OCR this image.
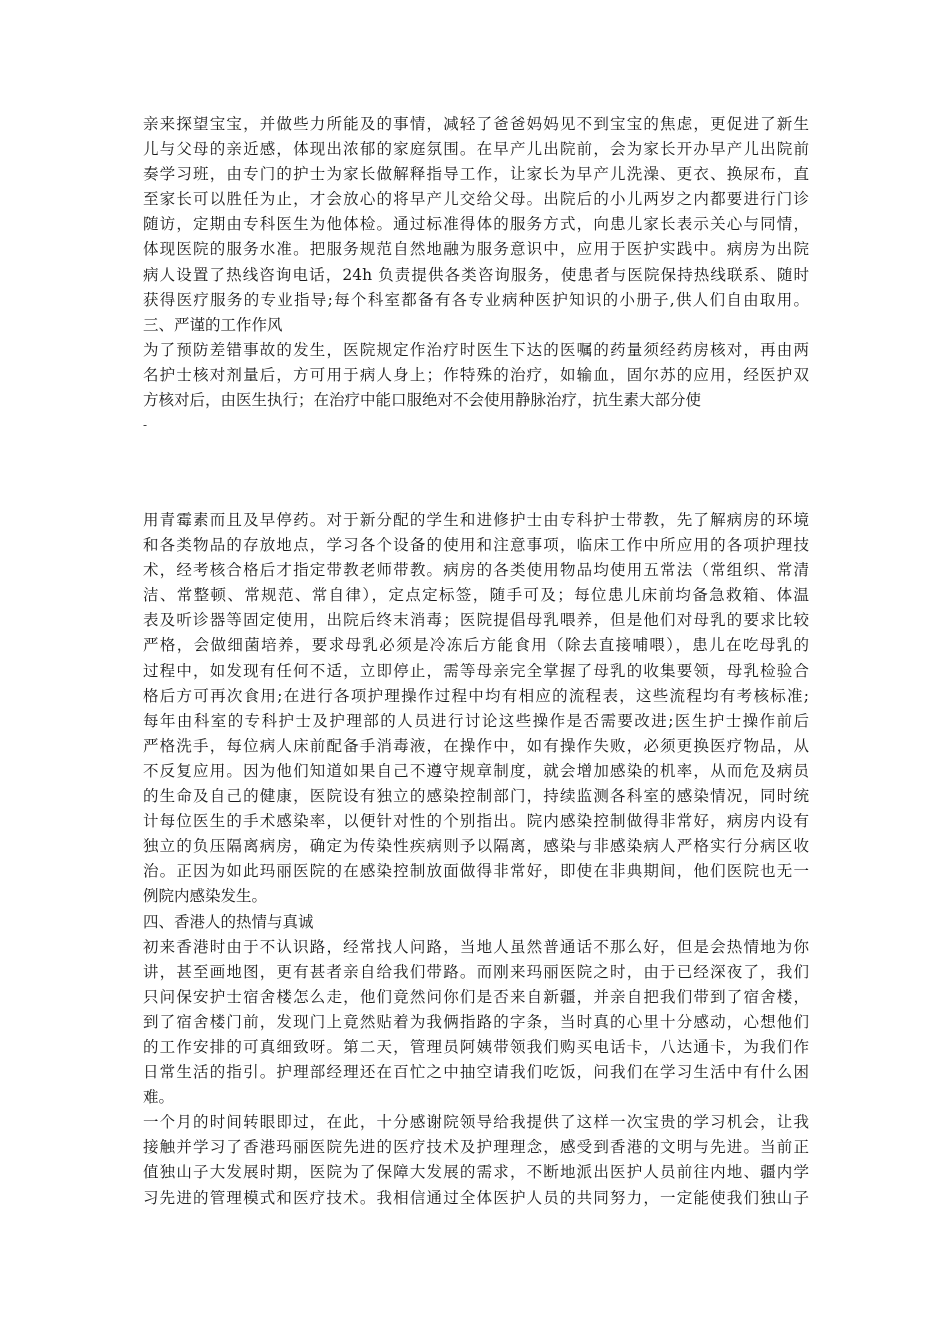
亲来探望宝宝，并做些力所能及的事情，减轻了爸爸妈妈见不到宝宝的焦虑，更促进了新生
儿与父母的亲近感，体现出浓郁的家庭氛围。在早产儿出院前，会为家长开办早产儿出院前
奏学习班，由专门的护士为家长做解释指导工作，让家长为早产儿洗澡、更衣、换尿布，直
至家长可以胜任为止，才会放心的将早产儿交给父母。出院后的小儿两岁之内都要进行门诊
随访，定期由专科医生为他体检。通过标准得体的服务方式，向患儿家长表示关心与同情，
体现医院的服务水准。把服务规范自然地融为服务意识中，应用于医护实践中。病房为出院
病人设置了热线咨询电话，24h 负责提供各类咨询服务，使患者与医院保持热线联系、随时
获得医疗服务的专业指导;每个科室都备有各专业病种医护知识的小册子,供人们自由取用。
三、严谨的工作作风
为了预防差错事故的发生，医院规定作治疗时医生下达的医嘱的药量须经药房核对，再由两
名护士核对剂量后，方可用于病人身上；作特殊的治疗，如输血，固尔苏的应用，经医护双
方核对后，由医生执行；在治疗中能口服绝对不会使用静脉治疗，抗生素大部分使
-
用青霉素而且及早停药。对于新分配的学生和进修护士由专科护士带教，先了解病房的环境
和各类物品的存放地点，学习各个设备的使用和注意事项，临床工作中所应用的各项护理技
术，经考核合格后才指定带教老师带教。病房的各类使用物品均使用五常法（常组织、常清
洁、常整顿、常规范、常自律），定点定标签，随手可及；每位患儿床前均备急救箱、体温
表及听诊器等固定使用，出院后终末消毒；医院提倡母乳喂养，但是他们对母乳的要求比较
严格，会做细菌培养，要求母乳必须是冷冻后方能食用（除去直接哺喂），患儿在吃母乳的
过程中，如发现有任何不适，立即停止，需等母亲完全掌握了母乳的收集要领，母乳检验合
格后方可再次食用;在进行各项护理操作过程中均有相应的流程表，这些流程均有考核标准;
每年由科室的专科护士及护理部的人员进行讨论这些操作是否需要改进;医生护士操作前后
严格洗手，每位病人床前配备手消毒液，在操作中，如有操作失败，必须更换医疗物品，从
不反复应用。因为他们知道如果自己不遵守规章制度，就会增加感染的机率，从而危及病员
的生命及自己的健康，医院设有独立的感染控制部门，持续监测各科室的感染情况，同时统
计每位医生的手术感染率，以便针对性的个别指出。院内感染控制做得非常好，病房内设有
独立的负压隔离病房，确定为传染性疾病则予以隔离，感染与非感染病人严格实行分病区收
治。正因为如此玛丽医院的在感染控制放面做得非常好，即使在非典期间，他们医院也无一
例院内感染发生。
四、香港人的热情与真诚
初来香港时由于不认识路，经常找人问路，当地人虽然普通话不那么好，但是会热情地为你
讲，甚至画地图，更有甚者亲自给我们带路。而刚来玛丽医院之时，由于已经深夜了，我们
只问保安护士宿舍楼怎么走，他们竟然问你们是否来自新疆，并亲自把我们带到了宿舍楼，
到了宿舍楼门前，发现门上竟然贴着为我俩指路的字条，当时真的心里十分感动，心想他们
的工作安排的可真细致呀。第二天，管理员阿姨带领我们购买电话卡，八达通卡，为我们作
日常生活的指引。护理部经理还在百忙之中抽空请我们吃饭，问我们在学习生活中有什么困
难。
一个月的时间转眼即过，在此，十分感谢院领导给我提供了这样一次宝贵的学习机会，让我
接触并学习了香港玛丽医院先进的医疗技术及护理理念，感受到香港的文明与先进。当前正
值独山子大发展时期，医院为了保障大发展的需求，不断地派出医护人员前往内地、疆内学
习先进的管理模式和医疗技术。我相信通过全体医护人员的共同努力，一定能使我们独山子
